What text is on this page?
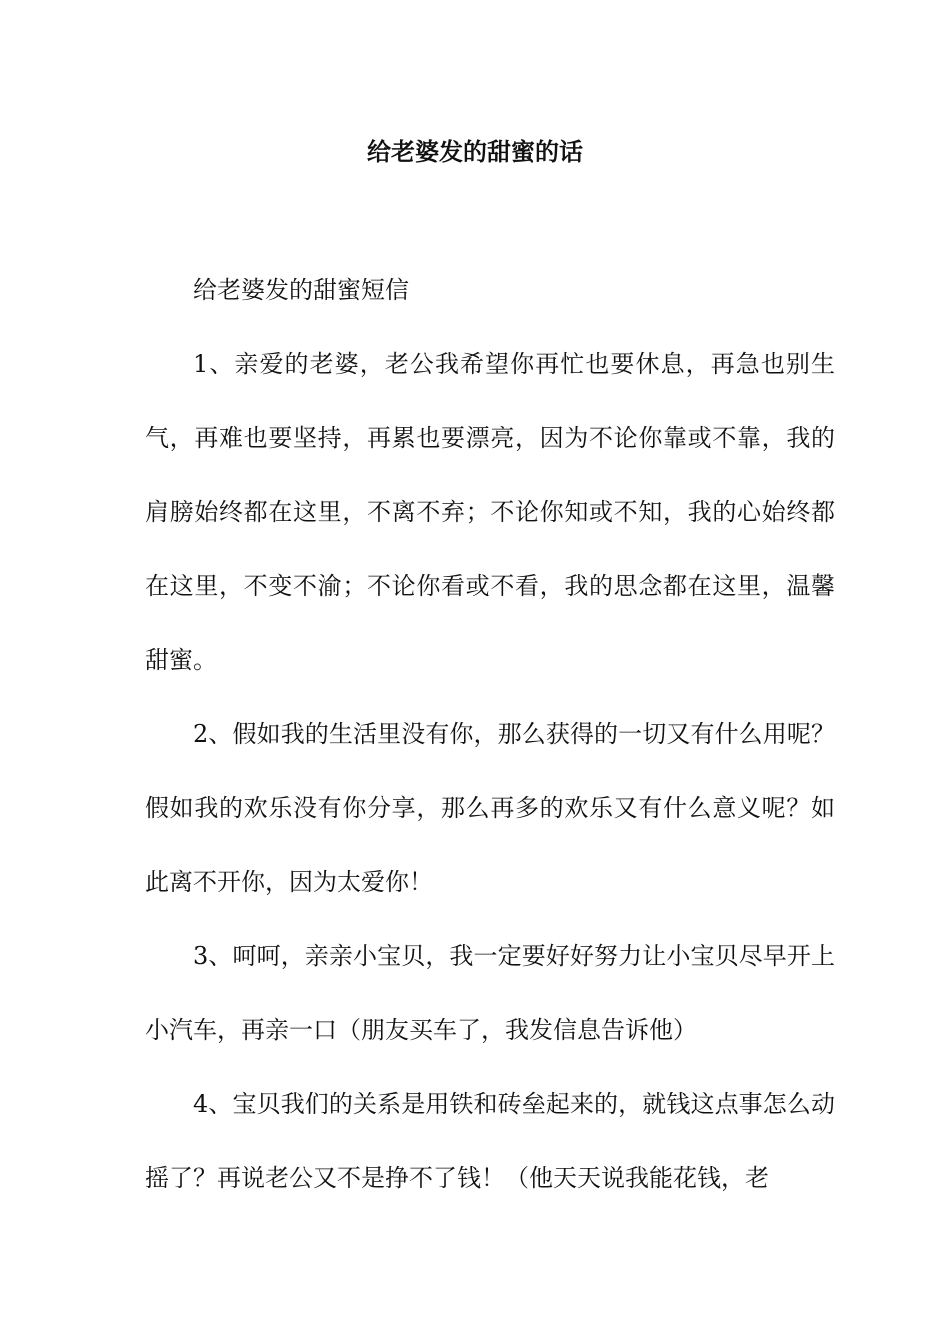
给老婆发的甜蜜的话

给老婆发的甜蜜短信

1、亲爱的老婆，老公我希望你再忙也要休息，再急也别生气，再难也要坚持，再累也要漂亮，因为不论你靠或不靠，我的肩膀始终都在这里，不离不弃；不论你知或不知，我的心始终都在这里，不变不渝；不论你看或不看，我的思念都在这里，温馨甜蜜。

2、假如我的生活里没有你，那么获得的一切又有什么用呢？假如我的欢乐没有你分享，那么再多的欢乐又有什么意义呢？如此离不开你，因为太爱你！

3、呵呵，亲亲小宝贝，我一定要好好努力让小宝贝尽早开上小汽车，再亲一口（朋友买车了，我发信息告诉他）

4、宝贝我们的关系是用铁和砖垒起来的，就钱这点事怎么动摇了？再说老公又不是挣不了钱！（他天天说我能花钱，老
